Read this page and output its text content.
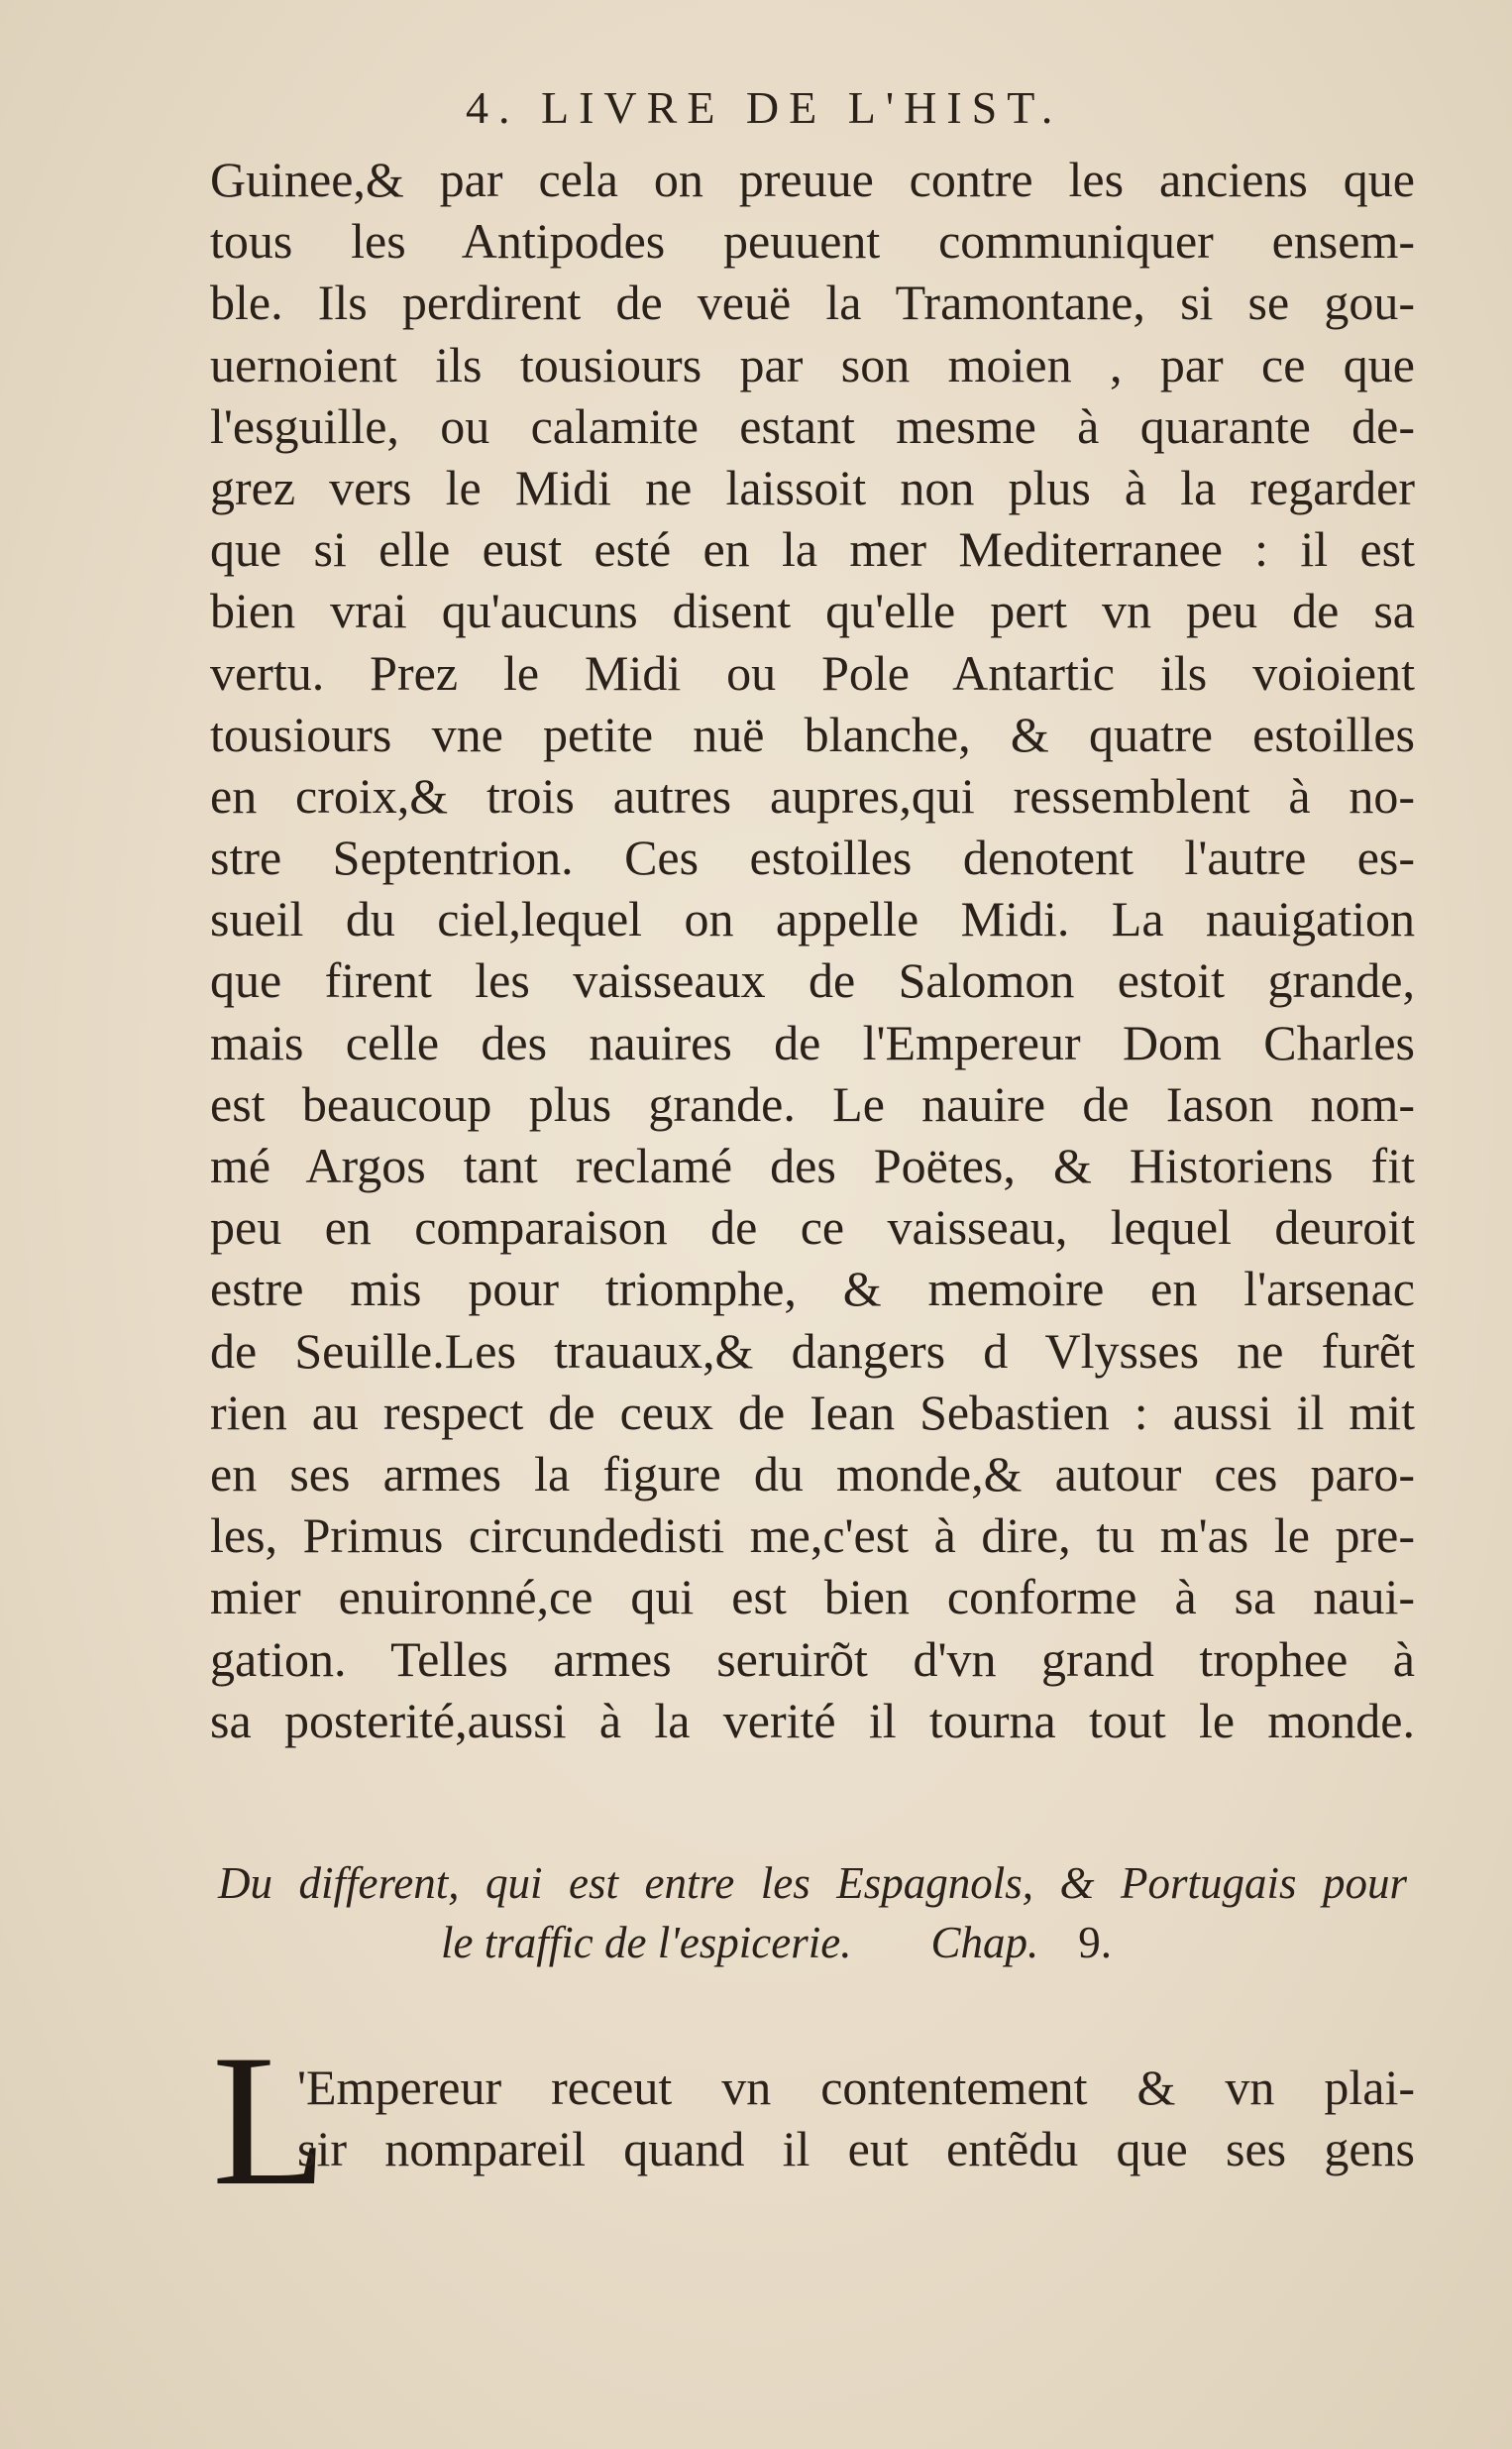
4. LIVRE DE L'HIST.
Guinee,& par cela on preuue contre les anciens que
tous les Antipodes peuuent communiquer ensem-
ble. Ils perdirent de veuë la Tramontane, si se gou-
uernoient ils tousiours par son moien , par ce que
l'esguille, ou calamite estant mesme à quarante de-
grez vers le Midi ne laissoit non plus à la regarder
que si elle eust esté en la mer Mediterranee : il est
bien vrai qu'aucuns disent qu'elle pert vn peu de sa
vertu. Prez le Midi ou Pole Antartic ils voioient
tousiours vne petite nuë blanche, & quatre estoilles
en croix,& trois autres aupres,qui ressemblent à no-
stre Septentrion. Ces estoilles denotent l'autre es-
sueil du ciel,lequel on appelle Midi. La nauigation
que firent les vaisseaux de Salomon estoit grande,
mais celle des nauires de l'Empereur Dom Charles
est beaucoup plus grande. Le nauire de Iason nom-
mé Argos tant reclamé des Poëtes, & Historiens fit
peu en comparaison de ce vaisseau, lequel deuroit
estre mis pour triomphe, & memoire en l'arsenac
de Seuille.Les trauaux,& dangers d Vlysses ne furẽt
rien au respect de ceux de Iean Sebastien : aussi il mit
en ses armes la figure du monde,& autour ces paro-
les, Primus circundedisti me,c'est à dire, tu m'as le pre-
mier enuironné,ce qui est bien conforme à sa naui-
gation. Telles armes seruirõt d'vn grand trophee à
sa posterité,aussi à la verité il tourna tout le monde.
Du different, qui est entre les Espagnols, & Portugais pour
le traffic de l'espicerie. Chap. 9.
L
'Empereur receut vn contentement & vn plai-
sir nompareil quand il eut entẽdu que ses gens
